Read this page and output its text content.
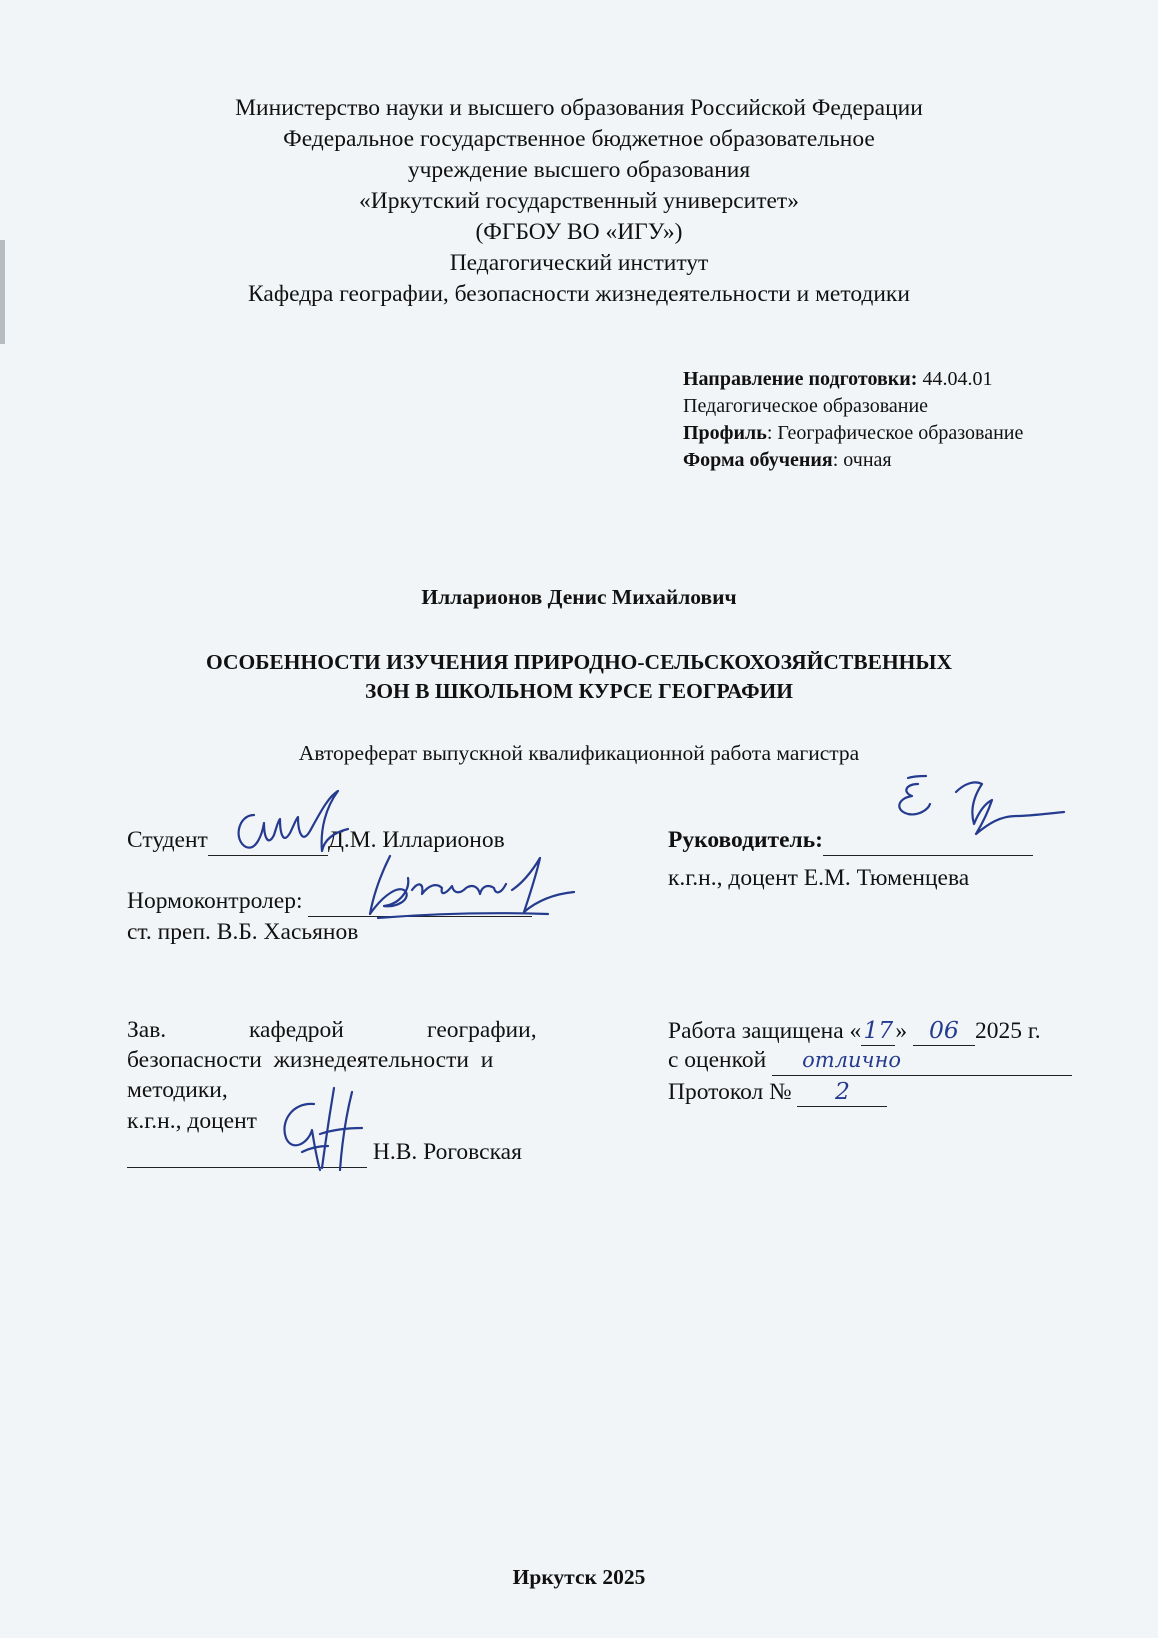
Министерство науки и высшего образования Российской Федерации
Федеральное государственное бюджетное образовательное
учреждение высшего образования
«Иркутский государственный университет»
(ФГБОУ ВО «ИГУ»)
Педагогический институт
Кафедра географии, безопасности жизнедеятельности и методики
Направление подготовки: 44.04.01
Педагогическое образование
Профиль: Географическое образование
Форма обучения: очная
Илларионов Денис Михайлович
ОСОБЕННОСТИ ИЗУЧЕНИЯ ПРИРОДНО-СЕЛЬСКОХОЗЯЙСТВЕННЫХ
ЗОН В ШКОЛЬНОМ КУРСЕ ГЕОГРАФИИ
Автореферат выпускной квалификационной работа магистра
Студент	Д.М. Илларионов	Руководитель:
к.г.н., доцент Е.М. Тюменцева
Нормоконтролер:
ст. преп. В.Б. Хасьянов
Зав.	кафедрой	географии,
безопасности  жизнедеятельности  и
методики,
к.г.н., доцент
Н.В. Роговская
Работа защищена «17» 06 2025 г.
с оценкой отлично
Протокол № 2
Иркутск 2025
